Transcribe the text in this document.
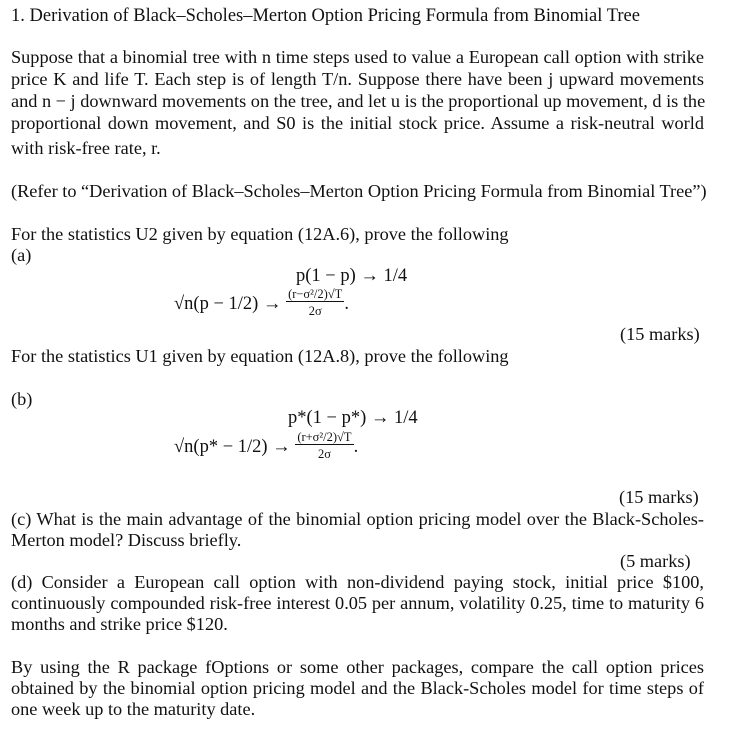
1. Derivation of Black–Scholes–Merton Option Pricing Formula from Binomial Tree
Suppose that a binomial tree with n time steps used to value a European call option with strike
price K and life T. Each step is of length T/n. Suppose there have been j upward movements
and n − j downward movements on the tree, and let u is the proportional up movement, d is the
proportional down movement, and S0 is the initial stock price. Assume a risk-neutral world
with risk-free rate, r.
(Refer to “Derivation of Black–Scholes–Merton Option Pricing Formula from Binomial Tree”)
For the statistics U2 given by equation (12A.6), prove the following
(a)
p(1 − p) → 1/4
$√n(p - 1/2) \to \frac{\text{(r−σ²/2)√T}}{2\sigma}$ .
(15 marks)
For the statistics U1 given by equation (12A.8), prove the following
(b)
p*(1 − p*) → 1/4
$√n(p* - 1/2) \to \frac{\text{(r+σ²/2)√T}}{2\sigma}$ .
(15 marks)
(c) What is the main advantage of the binomial option pricing model over the Black-Scholes-
Merton model? Discuss briefly.
(5 marks)
(d) Consider a European call option with non-dividend paying stock, initial price $100,
continuously compounded risk-free interest 0.05 per annum, volatility 0.25, time to maturity 6
months and strike price $120.
By using the R package fOptions or some other packages, compare the call option prices
obtained by the binomial option pricing model and the Black-Scholes model for time steps of
one week up to the maturity date.
